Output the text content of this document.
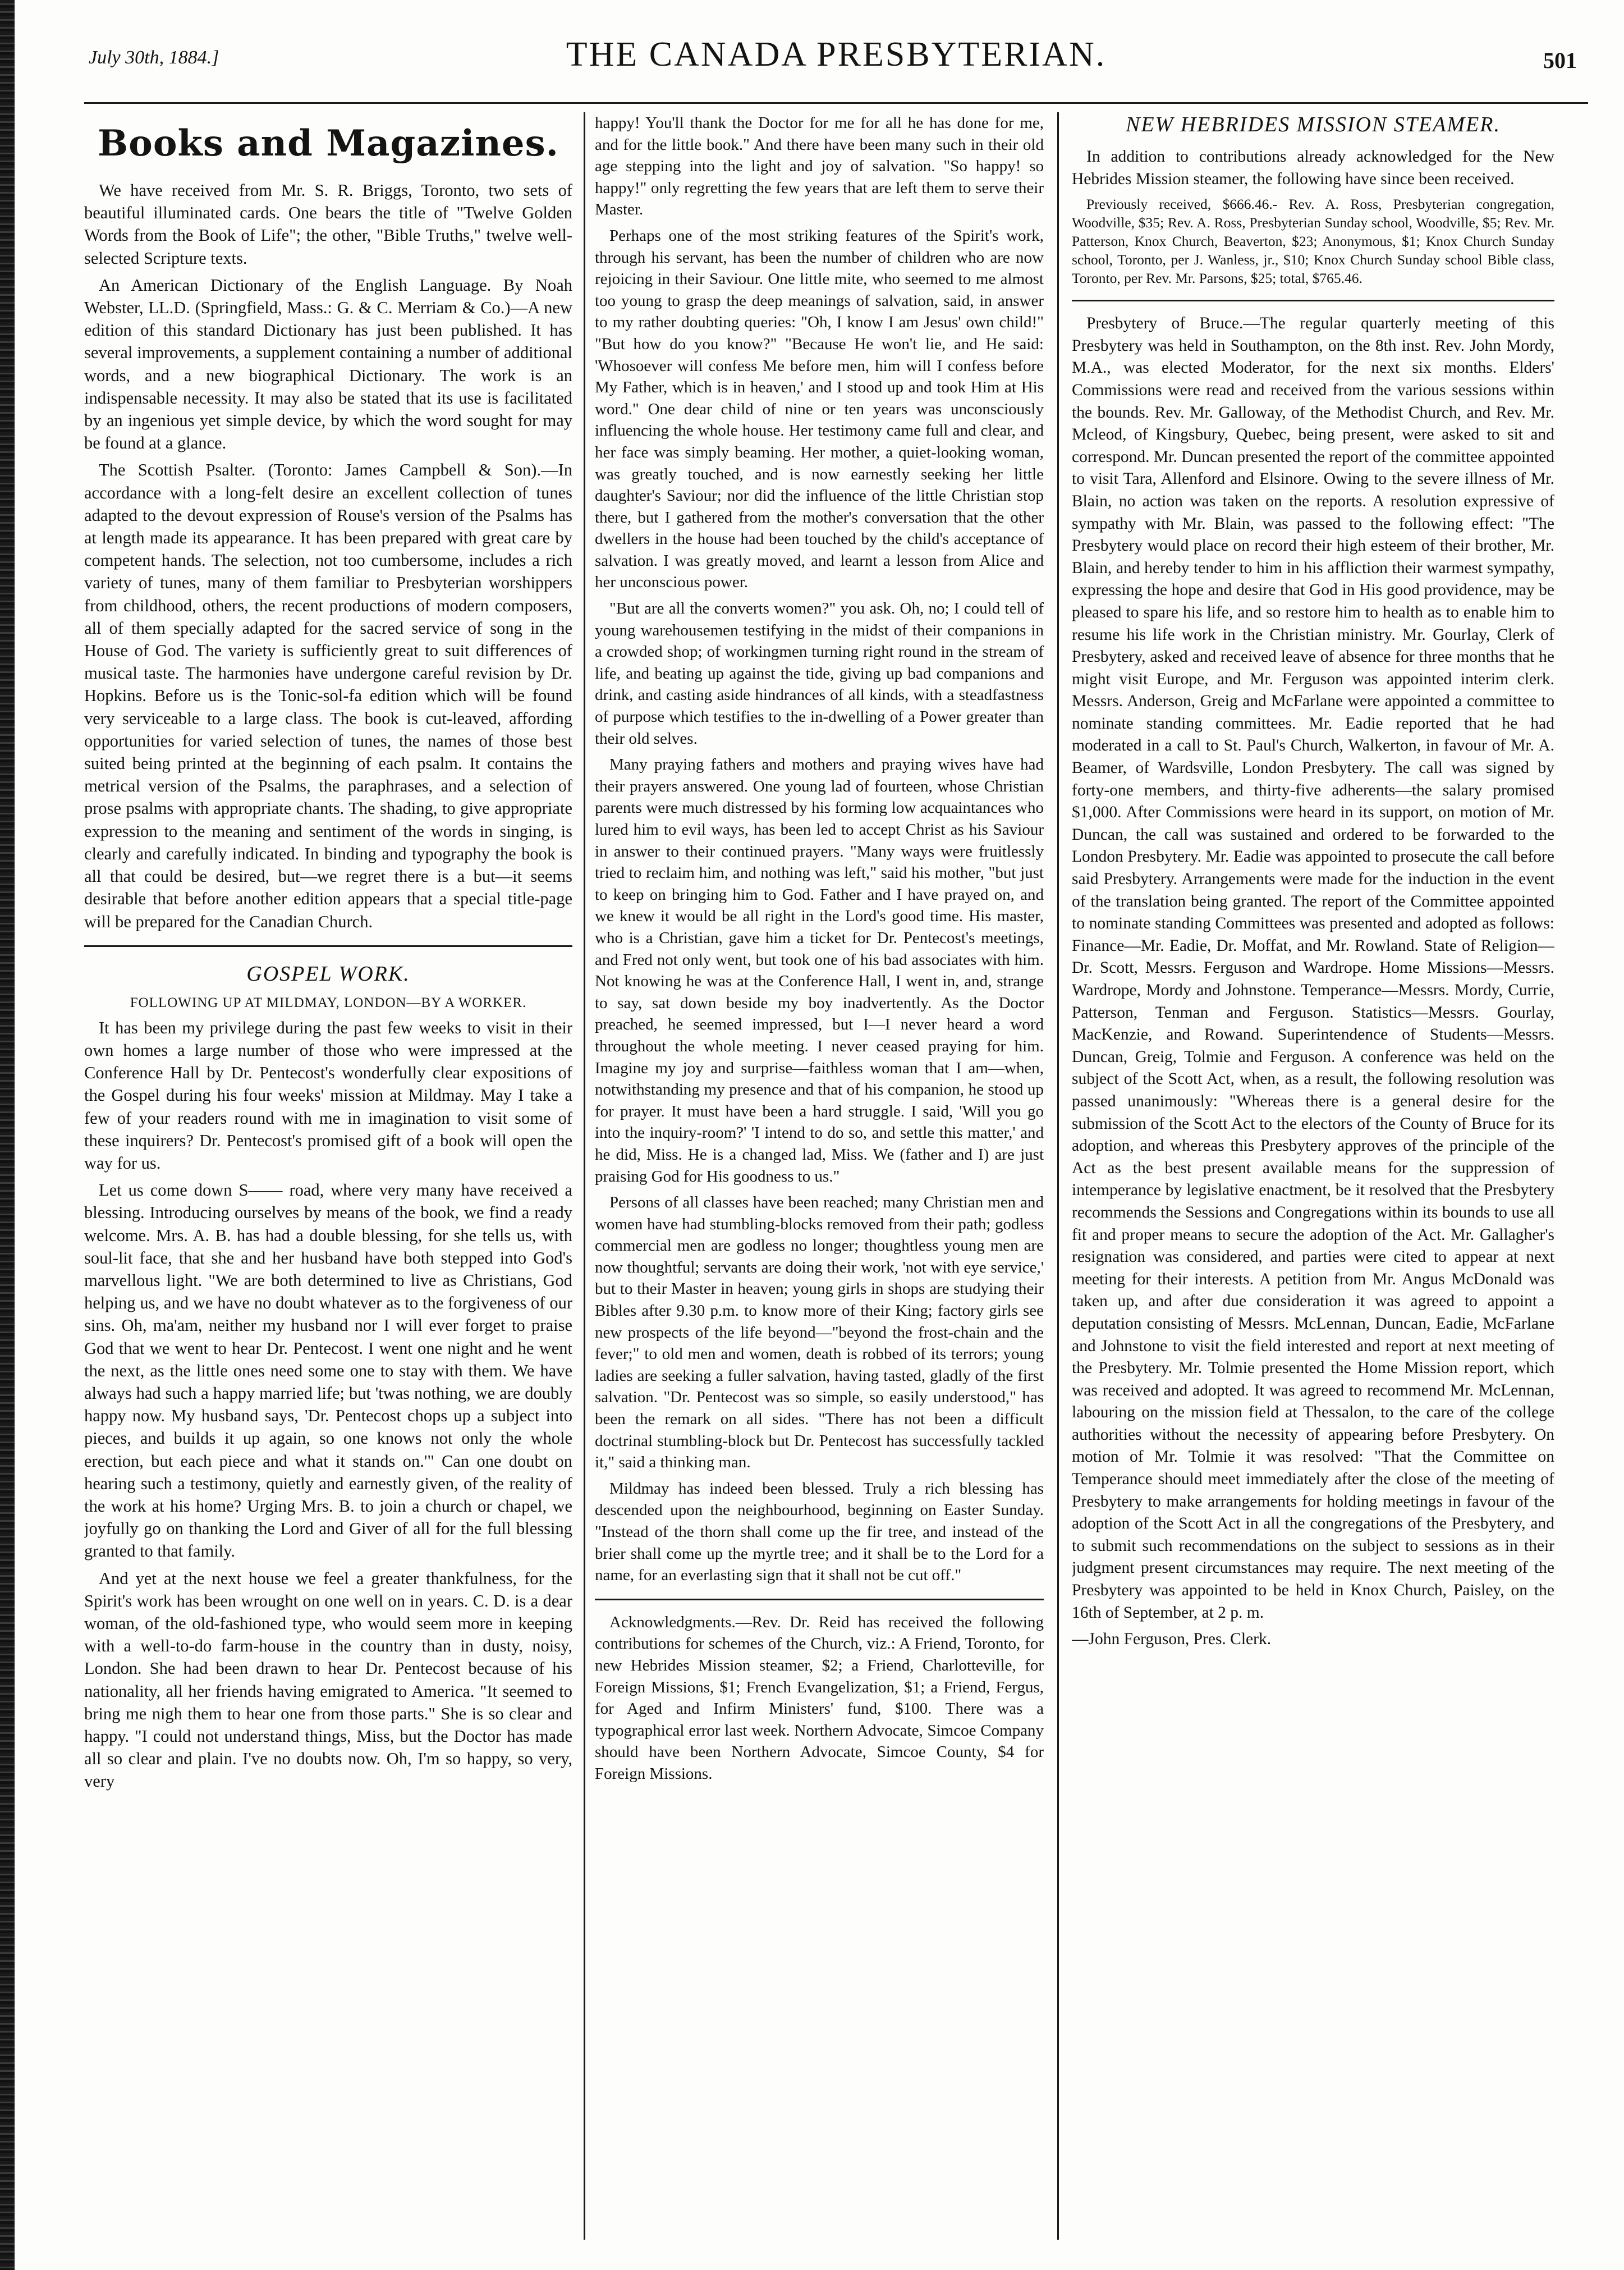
July 30th, 1884.]	THE CANADA PRESBYTERIAN.	501
Books and Magazines.

We have received from Mr. S. R. Briggs, Toronto, two sets of beautiful illuminated cards. One bears the title of "Twelve Golden Words from the Book of Life"; the other, "Bible Truths," twelve well-selected Scripture texts.

An American Dictionary of the English Language. By Noah Webster, LL.D. (Springfield, Mass.: G. & C. Merriam & Co.)—A new edition of this standard Dictionary has just been published. It has several improvements, a supplement containing a number of additional words, and a new biographical Dictionary. The work is an indispensable necessity. It may also be stated that its use is facilitated by an ingenious yet simple device, by which the word sought for may be found at a glance.

The Scottish Psalter. (Toronto: James Campbell & Son).—In accordance with a long-felt desire an excellent collection of tunes adapted to the devout expression of Rouse's version of the Psalms has at length made its appearance. It has been prepared with great care by competent hands. The selection, not too cumbersome, includes a rich variety of tunes, many of them familiar to Presbyterian worshippers from childhood, others, the recent productions of modern composers, all of them specially adapted for the sacred service of song in the House of God. The variety is sufficiently great to suit differences of musical taste. The harmonies have undergone careful revision by Dr. Hopkins. Before us is the Tonic-sol-fa edition which will be found very serviceable to a large class. The book is cut-leaved, affording opportunities for varied selection of tunes, the names of those best suited being printed at the beginning of each psalm. It contains the metrical version of the Psalms, the paraphrases, and a selection of prose psalms with appropriate chants. The shading, to give appropriate expression to the meaning and sentiment of the words in singing, is clearly and carefully indicated. In binding and typography the book is all that could be desired, but—we regret there is a but—it seems desirable that before another edition appears that a special title-page will be prepared for the Canadian Church.

GOSPEL WORK.
FOLLOWING UP AT MILDMAY, LONDON—BY A WORKER.

It has been my privilege during the past few weeks to visit in their own homes a large number of those who were impressed at the Conference Hall by Dr. Pentecost's wonderfully clear expositions of the Gospel during his four weeks' mission at Mildmay. May I take a few of your readers round with me in imagination to visit some of these inquirers? Dr. Pentecost's promised gift of a book will open the way for us.

Let us come down S—— road, where very many have received a blessing. Introducing ourselves by means of the book, we find a ready welcome. Mrs. A. B. has had a double blessing, for she tells us, with soul-lit face, that she and her husband have both stepped into God's marvellous light. "We are both determined to live as Christians, God helping us, and we have no doubt whatever as to the forgiveness of our sins. Oh, ma'am, neither my husband nor I will ever forget to praise God that we went to hear Dr. Pentecost. I went one night and he went the next, as the little ones need some one to stay with them. We have always had such a happy married life; but 'twas nothing, we are doubly happy now. My husband says, 'Dr. Pentecost chops up a subject into pieces, and builds it up again, so one knows not only the whole erection, but each piece and what it stands on.'" Can one doubt on hearing such a testimony, quietly and earnestly given, of the reality of the work at his home? Urging Mrs. B. to join a church or chapel, we joyfully go on thanking the Lord and Giver of all for the full blessing granted to that family.

And yet at the next house we feel a greater thankfulness, for the Spirit's work has been wrought on one well on in years. C. D. is a dear woman, of the old-fashioned type, who would seem more in keeping with a well-to-do farm-house in the country than in dusty, noisy, London. She had been drawn to hear Dr. Pentecost because of his nationality, all her friends having emigrated to America. "It seemed to bring me nigh them to hear one from those parts." She is so clear and happy. "I could not understand things, Miss, but the Doctor has made all so clear and plain. I've no doubts now. Oh, I'm so happy, so very, very

happy! You'll thank the Doctor for me for all he has done for me, and for the little book." And there have been many such in their old age stepping into the light and joy of salvation. "So happy! so happy!" only regretting the few years that are left them to serve their Master.

Perhaps one of the most striking features of the Spirit's work, through his servant, has been the number of children who are now rejoicing in their Saviour. One little mite, who seemed to me almost too young to grasp the deep meanings of salvation, said, in answer to my rather doubting queries: "Oh, I know I am Jesus' own child!" "But how do you know?" "Because He won't lie, and He said: 'Whosoever will confess Me before men, him will I confess before My Father, which is in heaven,' and I stood up and took Him at His word." One dear child of nine or ten years was unconsciously influencing the whole house. Her testimony came full and clear, and her face was simply beaming. Her mother, a quiet-looking woman, was greatly touched, and is now earnestly seeking her little daughter's Saviour; nor did the influence of the little Christian stop there, but I gathered from the mother's conversation that the other dwellers in the house had been touched by the child's acceptance of salvation. I was greatly moved, and learnt a lesson from Alice and her unconscious power.

"But are all the converts women?" you ask. Oh, no; I could tell of young warehousemen testifying in the midst of their companions in a crowded shop; of workingmen turning right round in the stream of life, and beating up against the tide, giving up bad companions and drink, and casting aside hindrances of all kinds, with a steadfastness of purpose which testifies to the in-dwelling of a Power greater than their old selves.

Many praying fathers and mothers and praying wives have had their prayers answered. One young lad of fourteen, whose Christian parents were much distressed by his forming low acquaintances who lured him to evil ways, has been led to accept Christ as his Saviour in answer to their continued prayers. "Many ways were fruitlessly tried to reclaim him, and nothing was left," said his mother, "but just to keep on bringing him to God. Father and I have prayed on, and we knew it would be all right in the Lord's good time. His master, who is a Christian, gave him a ticket for Dr. Pentecost's meetings, and Fred not only went, but took one of his bad associates with him. Not knowing he was at the Conference Hall, I went in, and, strange to say, sat down beside my boy inadvertently. As the Doctor preached, he seemed impressed, but I—I never heard a word throughout the whole meeting. I never ceased praying for him. Imagine my joy and surprise—faithless woman that I am—when, notwithstanding my presence and that of his companion, he stood up for prayer. It must have been a hard struggle. I said, 'Will you go into the inquiry-room?' 'I intend to do so, and settle this matter,' and he did, Miss. He is a changed lad, Miss. We (father and I) are just praising God for His goodness to us."

Persons of all classes have been reached; many Christian men and women have had stumbling-blocks removed from their path; godless commercial men are godless no longer; thoughtless young men are now thoughtful; servants are doing their work, 'not with eye service,' but to their Master in heaven; young girls in shops are studying their Bibles after 9.30 p.m. to know more of their King; factory girls see new prospects of the life beyond—"beyond the frost-chain and the fever;" to old men and women, death is robbed of its terrors; young ladies are seeking a fuller salvation, having tasted, gladly of the first salvation. "Dr. Pentecost was so simple, so easily understood," has been the remark on all sides. "There has not been a difficult doctrinal stumbling-block but Dr. Pentecost has successfully tackled it," said a thinking man.

Mildmay has indeed been blessed. Truly a rich blessing has descended upon the neighbourhood, beginning on Easter Sunday. "Instead of the thorn shall come up the fir tree, and instead of the brier shall come up the myrtle tree; and it shall be to the Lord for a name, for an everlasting sign that it shall not be cut off."

Acknowledgments.—Rev. Dr. Reid has received the following contributions for schemes of the Church, viz.: A Friend, Toronto, for new Hebrides Mission steamer, $2; a Friend, Charlotteville, for Foreign Missions, $1; French Evangelization, $1; a Friend, Fergus, for Aged and Infirm Ministers' fund, $100. There was a typographical error last week. Northern Advocate, Simcoe Company should have been Northern Advocate, Simcoe County, $4 for Foreign Missions.

NEW HEBRIDES MISSION STEAMER.

In addition to contributions already acknowledged for the New Hebrides Mission steamer, the following have since been received.

Previously received, $666.46.- Rev. A. Ross, Presbyterian congregation, Woodville, $35; Rev. A. Ross, Presbyterian Sunday school, Woodville, $5; Rev. Mr. Patterson, Knox Church, Beaverton, $23; Anonymous, $1; Knox Church Sunday school, Toronto, per J. Wanless, jr., $10; Knox Church Sunday school Bible class, Toronto, per Rev. Mr. Parsons, $25; total, $765.46.

Presbytery of Bruce.—The regular quarterly meeting of this Presbytery was held in Southampton, on the 8th inst. Rev. John Mordy, M.A., was elected Moderator, for the next six months. Elders' Commissions were read and received from the various sessions within the bounds. Rev. Mr. Galloway, of the Methodist Church, and Rev. Mr. Mcleod, of Kingsbury, Quebec, being present, were asked to sit and correspond. Mr. Duncan presented the report of the committee appointed to visit Tara, Allenford and Elsinore. Owing to the severe illness of Mr. Blain, no action was taken on the reports. A resolution expressive of sympathy with Mr. Blain, was passed to the following effect: "The Presbytery would place on record their high esteem of their brother, Mr. Blain, and hereby tender to him in his affliction their warmest sympathy, expressing the hope and desire that God in His good providence, may be pleased to spare his life, and so restore him to health as to enable him to resume his life work in the Christian ministry. Mr. Gourlay, Clerk of Presbytery, asked and received leave of absence for three months that he might visit Europe, and Mr. Ferguson was appointed interim clerk. Messrs. Anderson, Greig and McFarlane were appointed a committee to nominate standing committees. Mr. Eadie reported that he had moderated in a call to St. Paul's Church, Walkerton, in favour of Mr. A. Beamer, of Wardsville, London Presbytery. The call was signed by forty-one members, and thirty-five adherents—the salary promised $1,000. After Commissions were heard in its support, on motion of Mr. Duncan, the call was sustained and ordered to be forwarded to the London Presbytery. Mr. Eadie was appointed to prosecute the call before said Presbytery. Arrangements were made for the induction in the event of the translation being granted. The report of the Committee appointed to nominate standing Committees was presented and adopted as follows: Finance—Mr. Eadie, Dr. Moffat, and Mr. Rowland. State of Religion—Dr. Scott, Messrs. Ferguson and Wardrope. Home Missions—Messrs. Wardrope, Mordy and Johnstone. Temperance—Messrs. Mordy, Currie, Patterson, Tenman and Ferguson. Statistics—Messrs. Gourlay, MacKenzie, and Rowand. Superintendence of Students—Messrs. Duncan, Greig, Tolmie and Ferguson. A conference was held on the subject of the Scott Act, when, as a result, the following resolution was passed unanimously: "Whereas there is a general desire for the submission of the Scott Act to the electors of the County of Bruce for its adoption, and whereas this Presbytery approves of the principle of the Act as the best present available means for the suppression of intemperance by legislative enactment, be it resolved that the Presbytery recommends the Sessions and Congregations within its bounds to use all fit and proper means to secure the adoption of the Act. Mr. Gallagher's resignation was considered, and parties were cited to appear at next meeting for their interests. A petition from Mr. Angus McDonald was taken up, and after due consideration it was agreed to appoint a deputation consisting of Messrs. McLennan, Duncan, Eadie, McFarlane and Johnstone to visit the field interested and report at next meeting of the Presbytery. Mr. Tolmie presented the Home Mission report, which was received and adopted. It was agreed to recommend Mr. McLennan, labouring on the mission field at Thessalon, to the care of the college authorities without the necessity of appearing before Presbytery. On motion of Mr. Tolmie it was resolved: "That the Committee on Temperance should meet immediately after the close of the meeting of Presbytery to make arrangements for holding meetings in favour of the adoption of the Scott Act in all the congregations of the Presbytery, and to submit such recommendations on the subject to sessions as in their judgment present circumstances may require. The next meeting of the Presbytery was appointed to be held in Knox Church, Paisley, on the 16th of September, at 2 p. m.

—John Ferguson, Pres. Clerk.
